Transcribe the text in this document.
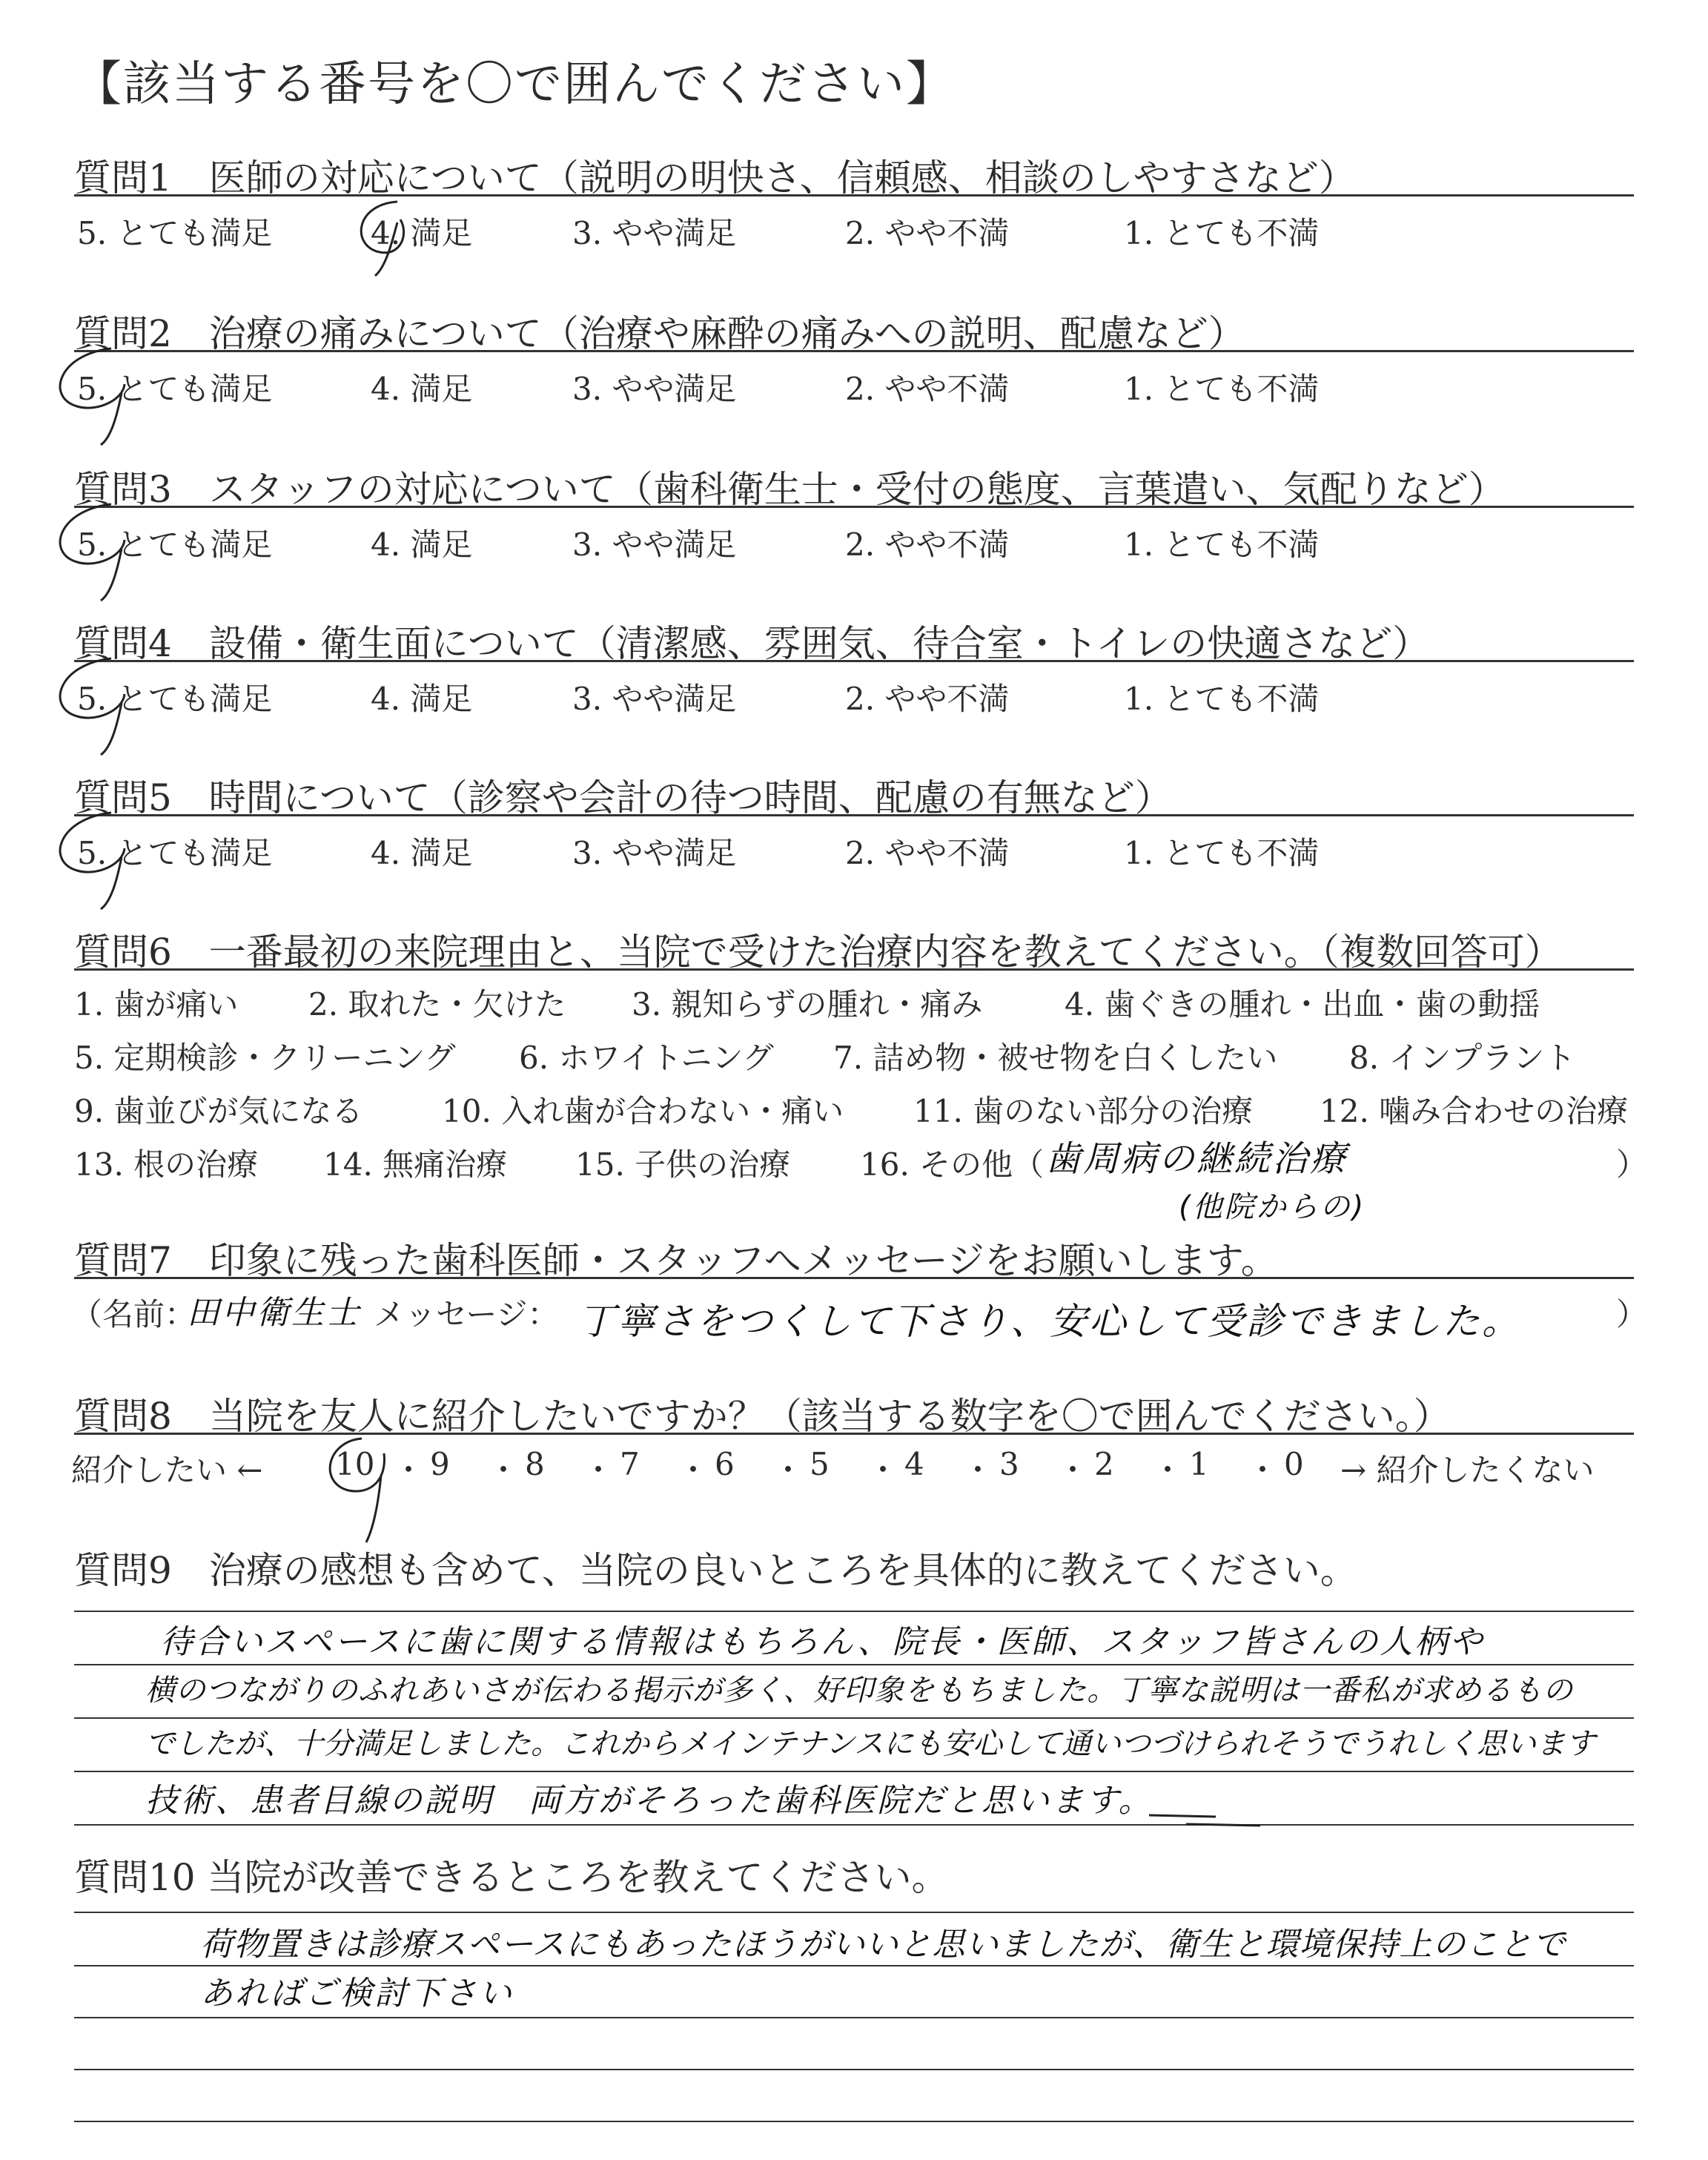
【該当する番号を〇で囲んでください】
質問1　医師の対応について（説明の明快さ、信頼感、相談のしやすさなど）
5. とても満足	4. 満足	3. やや満足	2. やや不満	1. とても不満
質問2　治療の痛みについて（治療や麻酔の痛みへの説明、配慮など）
5. とても満足	4. 満足	3. やや満足	2. やや不満	1. とても不満
質問3　スタッフの対応について（歯科衛生士・受付の態度、言葉遣い、気配りなど）
5. とても満足	4. 満足	3. やや満足	2. やや不満	1. とても不満
質問4　設備・衛生面について（清潔感、雰囲気、待合室・トイレの快適さなど）
5. とても満足	4. 満足	3. やや満足	2. やや不満	1. とても不満
質問5　時間について（診察や会計の待つ時間、配慮の有無など）
5. とても満足	4. 満足	3. やや満足	2. やや不満	1. とても不満
質問6　一番最初の来院理由と、当院で受けた治療内容を教えてください。（複数回答可）
1. 歯が痛い 2. 取れた・欠けた 3. 親知らずの腫れ・痛み	4. 歯ぐきの腫れ・出血・歯の動揺
5. 定期検診・クリーニング 6. ホワイトニング 7. 詰め物・被せ物を白くしたい 8. インプラント
9. 歯並びが気になる	10. 入れ歯が合わない・痛い 11. 歯のない部分の治療 12. 噛み合わせの治療
13. 根の治療 14. 無痛治療 15. 子供の治療 16. その他（	）
歯周病の継続治療
(他院からの)
質問7　印象に残った歯科医師・スタッフへメッセージをお願いします。
（名前：
田中衛生士 メッセージ： 丁寧さをつくして下さり、安心して受診できました。	）
質問8　当院を友人に紹介したいですか？（該当する数字を〇で囲んでください。）
紹介したい ← 10 ・ 9 ・ 8 ・ 7 ・ 6 ・ 5 ・ 4 ・ 3 ・ 2 ・ 1 ・ 0 → 紹介したくない
質問9　治療の感想も含めて、当院の良いところを具体的に教えてください。
待合いスペースに歯に関する情報はもちろん、院長・医師、スタッフ皆さんの人柄や
横のつながりのふれあいさが伝わる掲示が多く、好印象をもちました。丁寧な説明は一番私が求めるもの
でしたが、十分満足しました。これからメインテナンスにも安心して通いつづけられそうでうれしく思います
技術、患者目線の説明　両方がそろった歯科医院だと思います。
質問10 当院が改善できるところを教えてください。
荷物置きは診療スペースにもあったほうがいいと思いましたが、衛生と環境保持上のことで
あればご検討下さい
